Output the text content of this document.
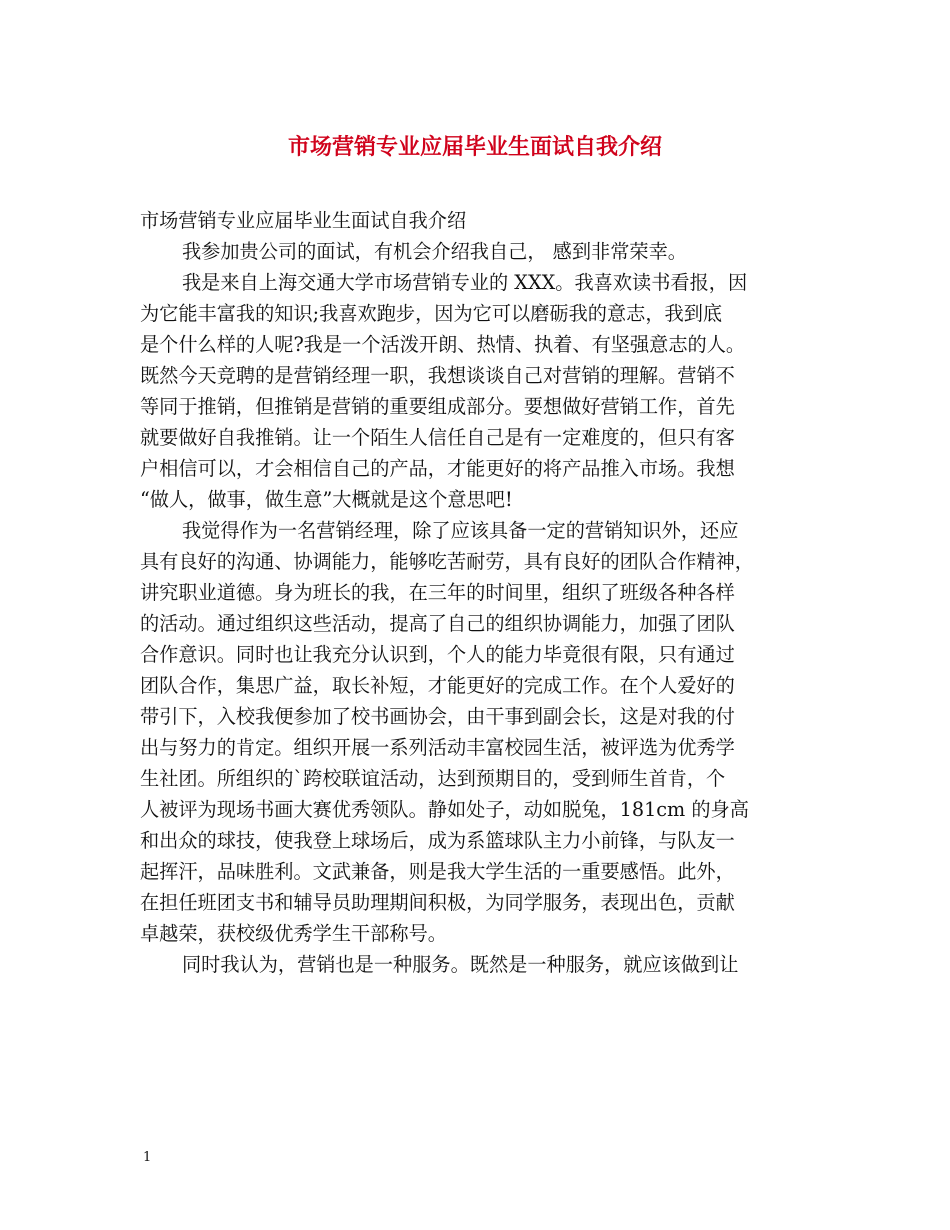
市场营销专业应届毕业生面试自我介绍
市场营销专业应届毕业生面试自我介绍
我参加贵公司的面试，有机会介绍我自己， 感到非常荣幸。
我是来自上海交通大学市场营销专业的 XXX。我喜欢读书看报，因
为它能丰富我的知识;我喜欢跑步，因为它可以磨砺我的意志，我到底
是个什么样的人呢?我是一个活泼开朗、热情、执着、有坚强意志的人。
既然今天竞聘的是营销经理一职，我想谈谈自己对营销的理解。营销不
等同于推销，但推销是营销的重要组成部分。要想做好营销工作，首先
就要做好自我推销。让一个陌生人信任自己是有一定难度的，但只有客
户相信可以，才会相信自己的产品，才能更好的将产品推入市场。我想
“做人，做事，做生意”大概就是这个意思吧!
我觉得作为一名营销经理，除了应该具备一定的营销知识外，还应
具有良好的沟通、协调能力，能够吃苦耐劳，具有良好的团队合作精神，
讲究职业道德。身为班长的我，在三年的时间里，组织了班级各种各样
的活动。通过组织这些活动，提高了自己的组织协调能力，加强了团队
合作意识。同时也让我充分认识到，个人的能力毕竟很有限，只有通过
团队合作，集思广益，取长补短，才能更好的完成工作。在个人爱好的
带引下，入校我便参加了校书画协会，由干事到副会长，这是对我的付
出与努力的肯定。组织开展一系列活动丰富校园生活，被评选为优秀学
生社团。所组织的`跨校联谊活动，达到预期目的，受到师生首肯，个
人被评为现场书画大赛优秀领队。静如处子，动如脱兔，181cm 的身高
和出众的球技，使我登上球场后，成为系篮球队主力小前锋，与队友一
起挥汗，品味胜利。文武兼备，则是我大学生活的一重要感悟。此外，
在担任班团支书和辅导员助理期间积极，为同学服务，表现出色，贡献
卓越荣，获校级优秀学生干部称号。
同时我认为，营销也是一种服务。既然是一种服务，就应该做到让
1
